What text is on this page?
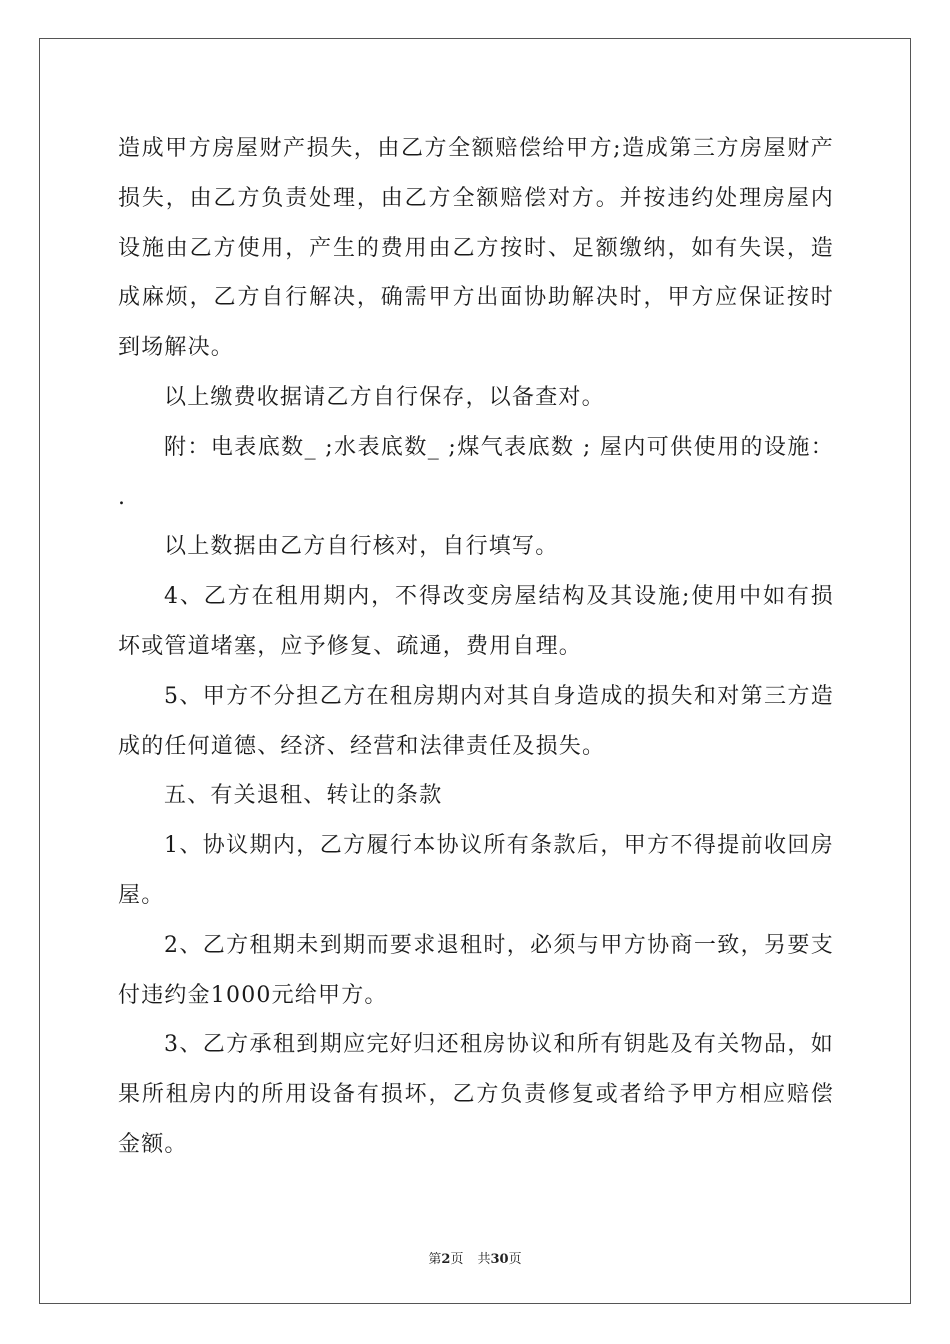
造成甲方房屋财产损失，由乙方全额赔偿给甲方;造成第三方房屋财产损失，由乙方负责处理，由乙方全额赔偿对方。并按违约处理房屋内设施由乙方使用，产生的费用由乙方按时、足额缴纳，如有失误，造成麻烦，乙方自行解决，确需甲方出面协助解决时，甲方应保证按时到场解决。

以上缴费收据请乙方自行保存，以备查对。

附：电表底数_ ;水表底数_ ;煤气表底数 ; 屋内可供使用的设施： .

以上数据由乙方自行核对，自行填写。

4、乙方在租用期内，不得改变房屋结构及其设施;使用中如有损坏或管道堵塞，应予修复、疏通，费用自理。

5、甲方不分担乙方在租房期内对其自身造成的损失和对第三方造成的任何道德、经济、经营和法律责任及损失。

五、有关退租、转让的条款

1、协议期内，乙方履行本协议所有条款后，甲方不得提前收回房屋。

2、乙方租期未到期而要求退租时，必须与甲方协商一致，另要支付违约金1000元给甲方。

3、乙方承租到期应完好归还租房协议和所有钥匙及有关物品，如果所租房内的所用设备有损坏，乙方负责修复或者给予甲方相应赔偿金额。

第2页 共30页
